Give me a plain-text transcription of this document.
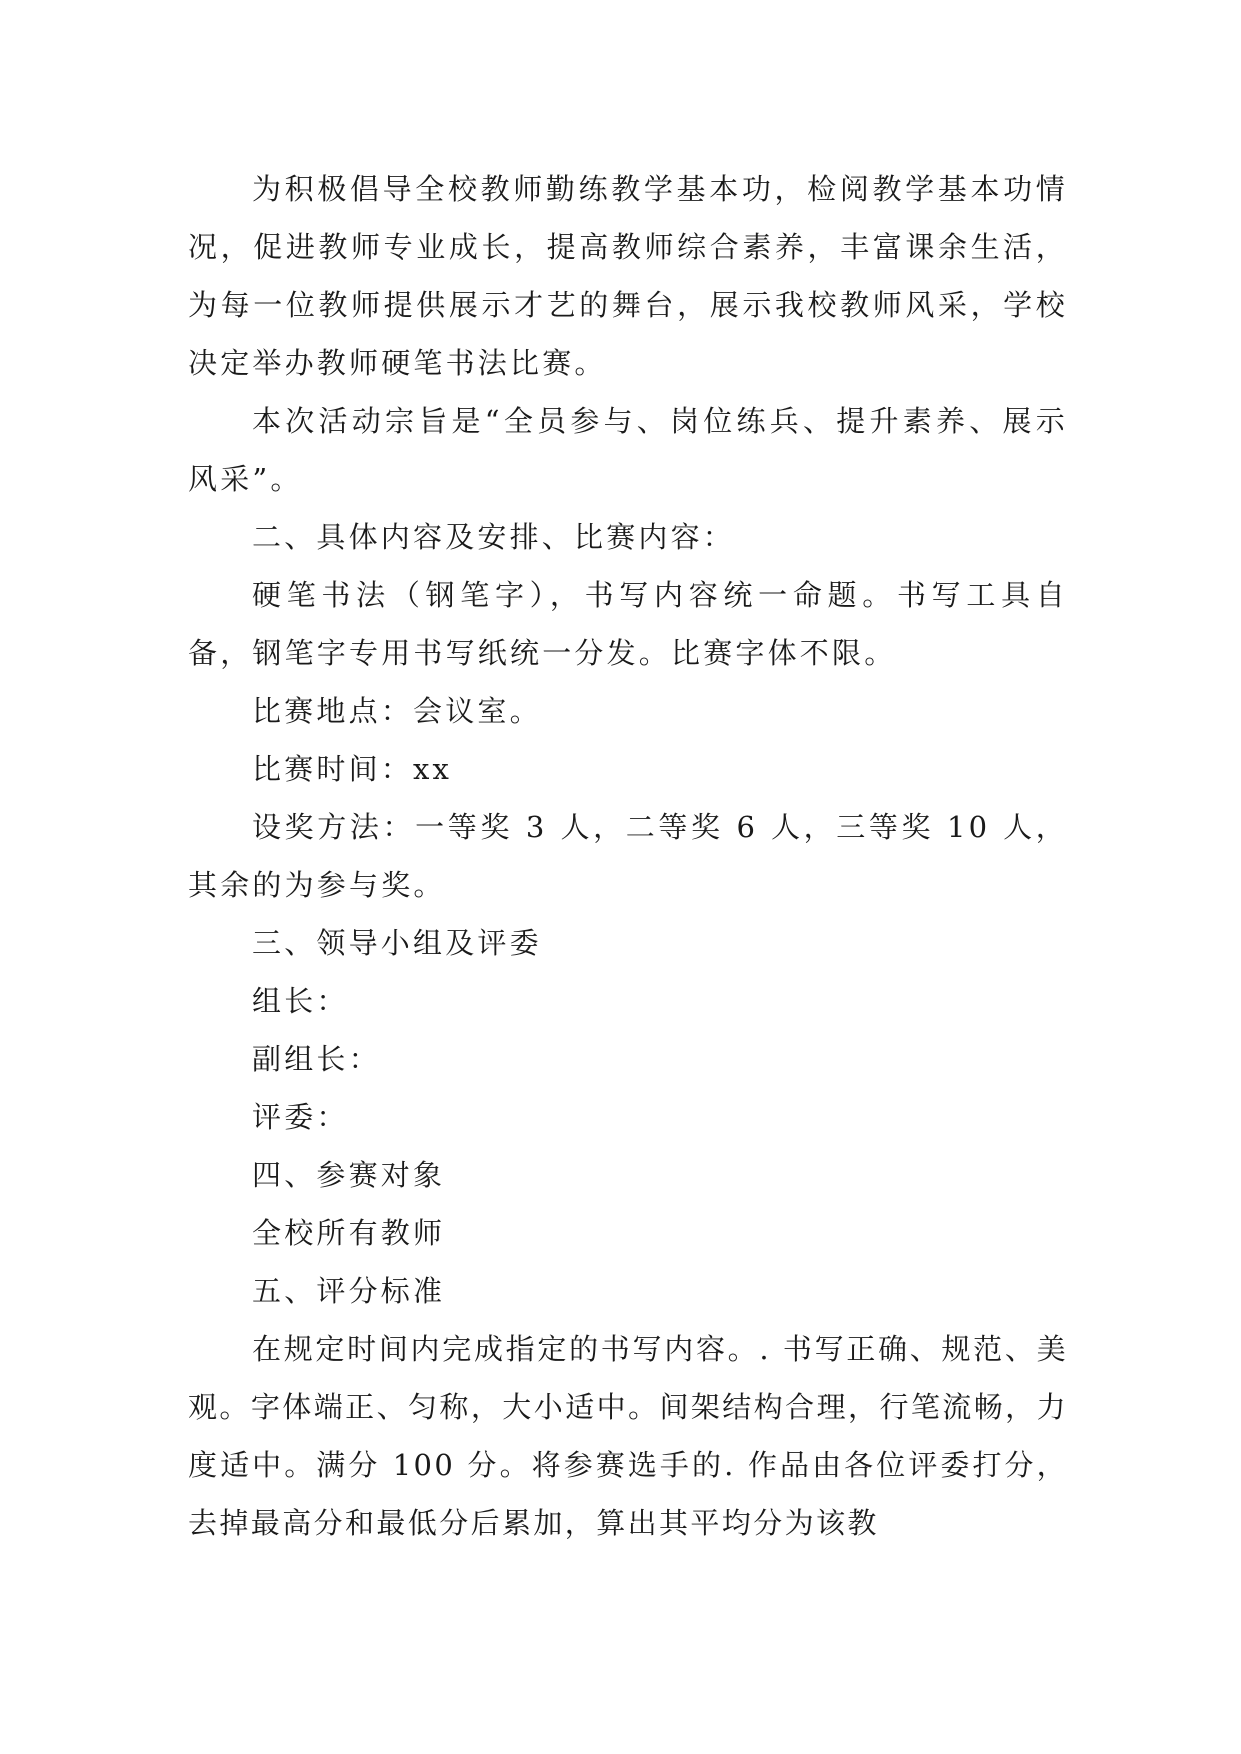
为积极倡导全校教师勤练教学基本功，检阅教学基本功情况，促进教师专业成长，提高教师综合素养，丰富课余生活，为每一位教师提供展示才艺的舞台，展示我校教师风采，学校决定举办教师硬笔书法比赛。

本次活动宗旨是“全员参与、岗位练兵、提升素养、展示风采”。

二、具体内容及安排、比赛内容：

硬笔书法（钢笔字），书写内容统一命题。书写工具自备，钢笔字专用书写纸统一分发。比赛字体不限。

比赛地点：会议室。

比赛时间：xx

设奖方法：一等奖 3 人，二等奖 6 人，三等奖 10 人，其余的为参与奖。

三、领导小组及评委

组长：

副组长：

评委：

四、参赛对象

全校所有教师

五、评分标准

在规定时间内完成指定的书写内容。. 书写正确、规范、美观。字体端正、匀称，大小适中。间架结构合理，行笔流畅，力度适中。满分 100 分。将参赛选手的. 作品由各位评委打分，去掉最高分和最低分后累加，算出其平均分为该教
